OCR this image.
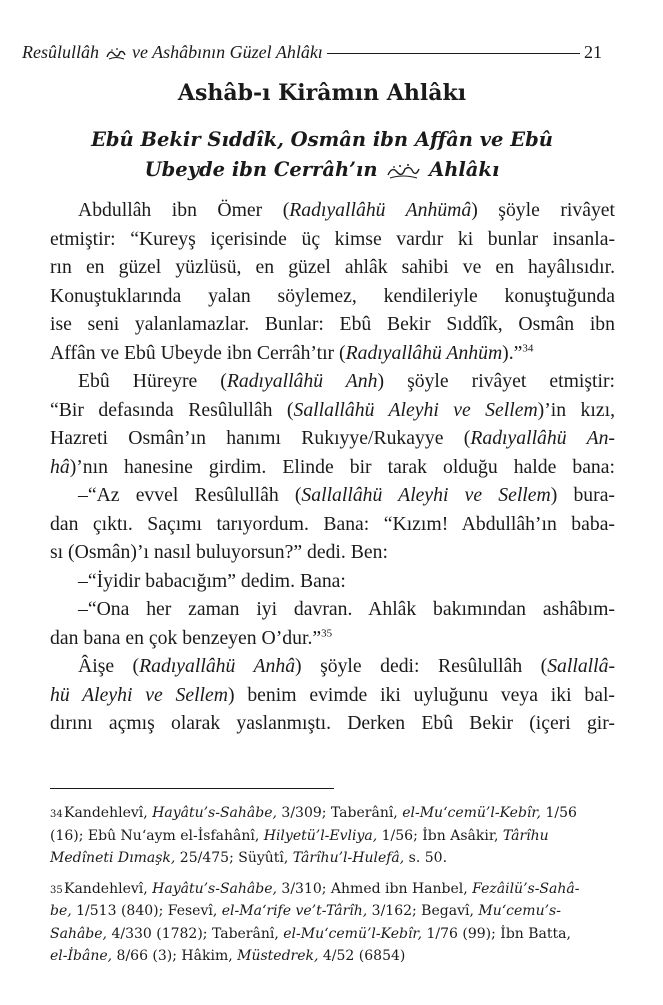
Resûlullâh
ve Ashâbının Güzel Ahlâkı	21
Ashâb-ı Kirâmın Ahlâkı
Ebû Bekir Sıddîk, Osmân ibn Affân ve Ebû
Ubeyde ibn Cerrâh’ın
Ahlâkı
Abdullâh ibn Ömer (Radıyallâhü Anhümâ) şöyle rivâyet
etmiştir: “Kureyş içerisinde üç kimse vardır ki bunlar insanla-
rın en güzel yüzlüsü, en güzel ahlâk sahibi ve en hayâlısıdır.
Konuştuklarında yalan söylemez, kendileriyle konuştuğunda
ise seni yalanlamazlar. Bunlar: Ebû Bekir Sıddîk, Osmân ibn
Affân ve Ebû Ubeyde ibn Cerrâh’tır (Radıyallâhü Anhüm).”$^{34}$
Ebû Hüreyre (Radıyallâhü Anh) şöyle rivâyet etmiştir:
“Bir defasında Resûlullâh (Sallallâhü Aleyhi ve Sellem)’in kızı,
Hazreti Osmân’ın hanımı Rukıyye/Rukayye (Radıyallâhü An-
hâ)’nın hanesine girdim. Elinde bir tarak olduğu halde bana:
–“Az evvel Resûlullâh (Sallallâhü Aleyhi ve Sellem) bura-
dan çıktı. Saçımı tarıyordum. Bana: “Kızım! Abdullâh’ın baba-
sı (Osmân)’ı nasıl buluyorsun?” dedi. Ben:
–“İyidir babacığım” dedim. Bana:
–“Ona her zaman iyi davran. Ahlâk bakımından ashâbım-
dan bana en çok benzeyen O’dur.”$^{35}$
Âişe (Radıyallâhü Anhâ) şöyle dedi: Resûlullâh (Sallallâ-
hü Aleyhi ve Sellem) benim evimde iki uyluğunu veya iki bal-
dırını açmış olarak yaslanmıştı. Derken Ebû Bekir (içeri gir-
34Kandehlevî, Hayâtu’s-Sahâbe, 3/309; Taberânî, el-Mu‘cemü’l-Kebîr, 1/56
(16); Ebû Nu‘aym el-İsfahânî, Hilyetü’l-Evliya, 1/56; İbn Asâkir, Târîhu
Medîneti Dımaşk, 25/475; Süyûtî, Târîhu’l-Hulefâ, s. 50.
35Kandehlevî, Hayâtu’s-Sahâbe, 3/310; Ahmed ibn Hanbel, Fezâilü’s-Sahâ-
be, 1/513 (840); Fesevî, el-Ma‘rife ve’t-Târîh, 3/162; Begavî, Mu‘cemu’s-
Sahâbe, 4/330 (1782); Taberânî, el-Mu‘cemü’l-Kebîr, 1/76 (99); İbn Batta,
el-İbâne, 8/66 (3); Hâkim, Müstedrek, 4/52 (6854)
